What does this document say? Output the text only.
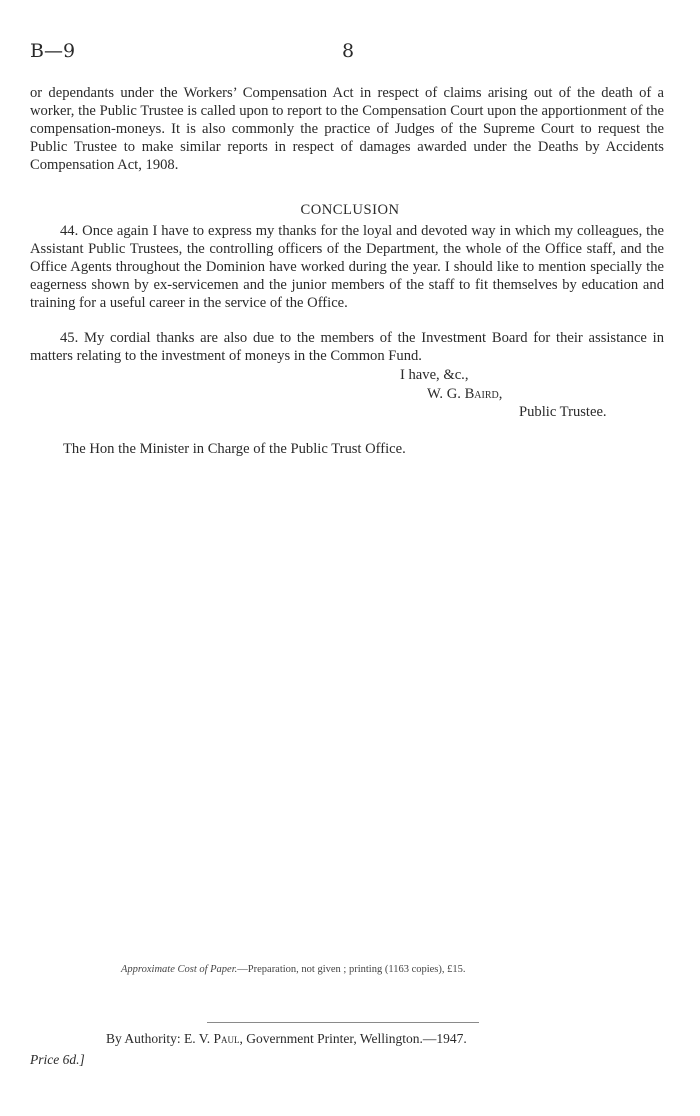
B—9	8
or dependants under the Workers’ Compensation Act in respect of claims arising out of the death of a worker, the Public Trustee is called upon to report to the Compensation Court upon the apportionment of the compensation-moneys. It is also commonly the practice of Judges of the Supreme Court to request the Public Trustee to make similar reports in respect of damages awarded under the Deaths by Accidents Compensation Act, 1908.
CONCLUSION
44. Once again I have to express my thanks for the loyal and devoted way in which my colleagues, the Assistant Public Trustees, the controlling officers of the Department, the whole of the Office staff, and the Office Agents throughout the Dominion have worked during the year. I should like to mention specially the eagerness shown by ex-servicemen and the junior members of the staff to fit themselves by education and training for a useful career in the service of the Office.
45. My cordial thanks are also due to the members of the Investment Board for their assistance in matters relating to the investment of moneys in the Common Fund.
I have, &c.,
W. G. Baird,
Public Trustee.
The Hon the Minister in Charge of the Public Trust Office.
Approximate Cost of Paper.—Preparation, not given ; printing (1163 copies), £15.
By Authority: E. V. Paul, Government Printer, Wellington.—1947.
Price 6d.]
